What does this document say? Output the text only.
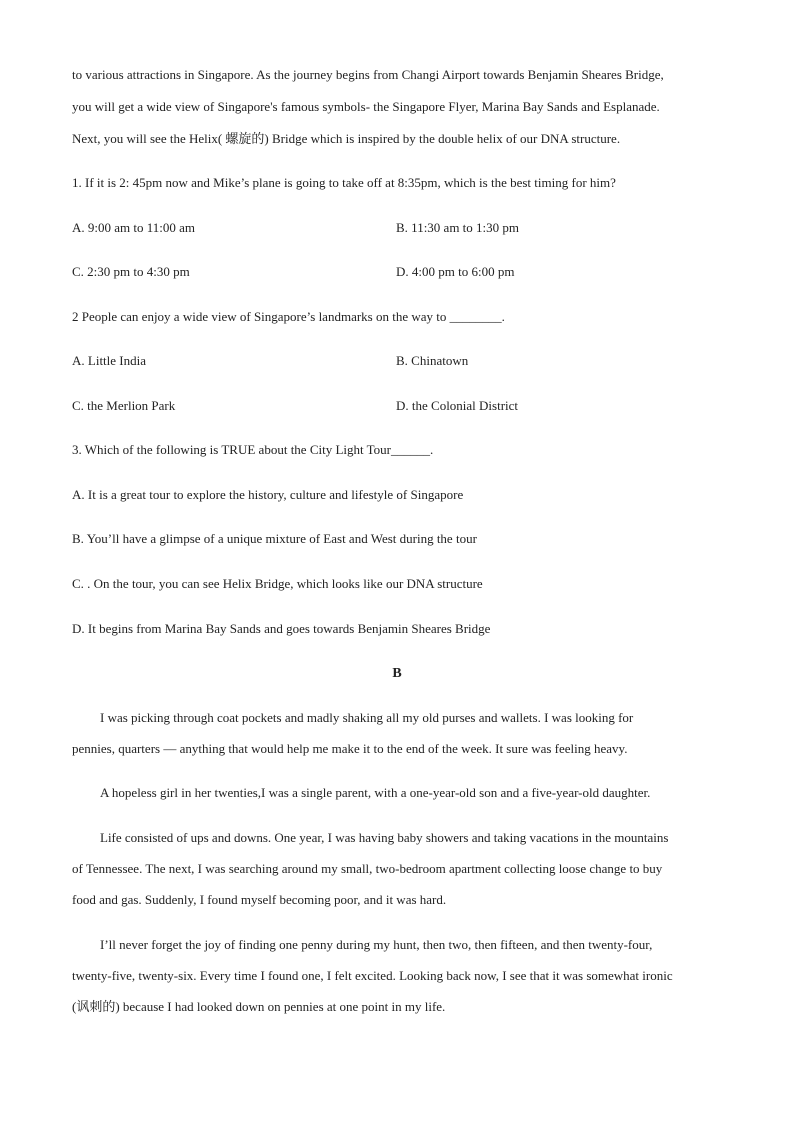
to various attractions in Singapore. As the journey begins from Changi Airport towards Benjamin Sheares Bridge,
you will get a wide view of Singapore's famous symbols- the Singapore Flyer, Marina Bay Sands and Esplanade.
Next, you will see the Helix( 螺旋的) Bridge which is inspired by the double helix of our DNA structure.
1. If it is 2: 45pm now and Mike’s plane is going to take off at 8:35pm, which is the best timing for him?
A. 9:00 am to 11:00 am	B. 11:30 am to 1:30 pm
C. 2:30 pm to 4:30 pm	D. 4:00 pm to 6:00 pm
2 People can enjoy a wide view of Singapore’s landmarks on the way to ________.
A. Little India	B. Chinatown
C. the Merlion Park	D. the Colonial District
3. Which of the following is TRUE about the City Light Tour______.
A. It is a great tour to explore the history, culture and lifestyle of Singapore
B. You’ll have a glimpse of a unique mixture of East and West during the tour
C. . On the tour, you can see Helix Bridge, which looks like our DNA structure
D. It begins from Marina Bay Sands and goes towards Benjamin Sheares Bridge
B
I was picking through coat pockets and madly shaking all my old purses and wallets. I was looking for
pennies, quarters — anything that would help me make it to the end of the week. It sure was feeling heavy.
A hopeless girl in her twenties,I was a single parent, with a one-year-old son and a five-year-old daughter.
Life consisted of ups and downs. One year, I was having baby showers and taking vacations in the mountains
of Tennessee. The next, I was searching around my small, two-bedroom apartment collecting loose change to buy
food and gas. Suddenly, I found myself becoming poor, and it was hard.
I’ll never forget the joy of finding one penny during my hunt, then two, then fifteen, and then twenty-four,
twenty-five, twenty-six. Every time I found one, I felt excited. Looking back now, I see that it was somewhat ironic
(讽刺的) because I had looked down on pennies at one point in my life.
